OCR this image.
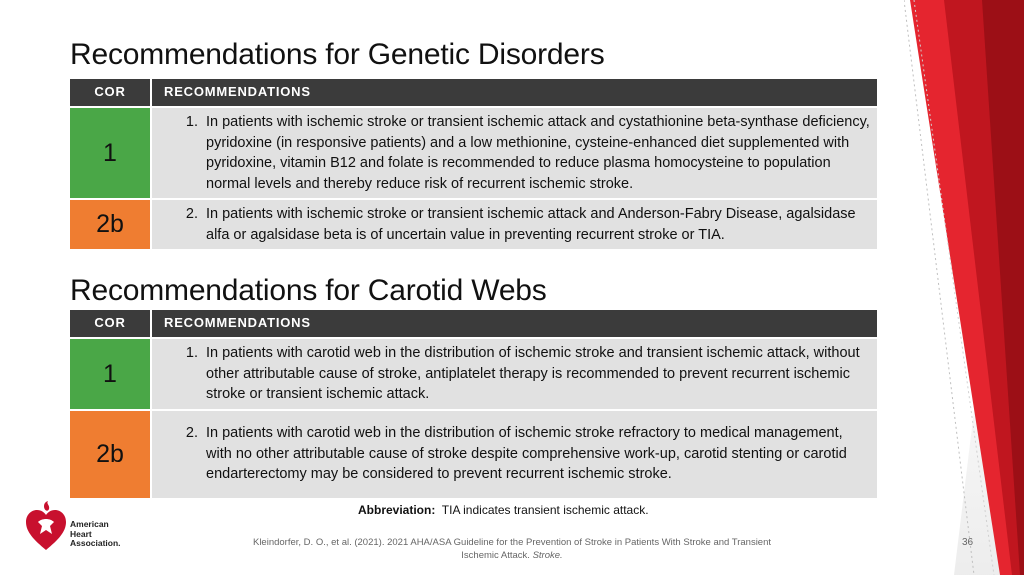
Recommendations for Genetic Disorders
COR	RECOMMENDATIONS
1	1. In patients with ischemic stroke or transient ischemic attack and cystathionine beta-synthase deficiency, pyridoxine (in responsive patients) and a low methionine, cysteine-enhanced diet supplemented with pyridoxine, vitamin B12 and folate is recommended to reduce plasma homocysteine to population normal levels and thereby reduce risk of recurrent ischemic stroke.

2b	2. In patients with ischemic stroke or transient ischemic attack and Anderson-Fabry Disease, agalsidase alfa or agalsidase beta is of uncertain value in preventing recurrent stroke or TIA.
Recommendations for Carotid Webs
COR	RECOMMENDATIONS
1	1. In patients with carotid web in the distribution of ischemic stroke and transient ischemic attack, without other attributable cause of stroke, antiplatelet therapy is recommended to prevent recurrent ischemic stroke or transient ischemic attack.

2b	2. In patients with carotid web in the distribution of ischemic stroke refractory to medical management, with no other attributable cause of stroke despite comprehensive work-up, carotid stenting or carotid endarterectomy may be considered to prevent recurrent ischemic stroke.
Abbreviation: TIA indicates transient ischemic attack.
American
Heart
Association.	Kleindorfer, D. O., et al. (2021). 2021 AHA/ASA Guideline for the Prevention of Stroke in Patients With Stroke and Transient Ischemic Attack. Stroke.
36
